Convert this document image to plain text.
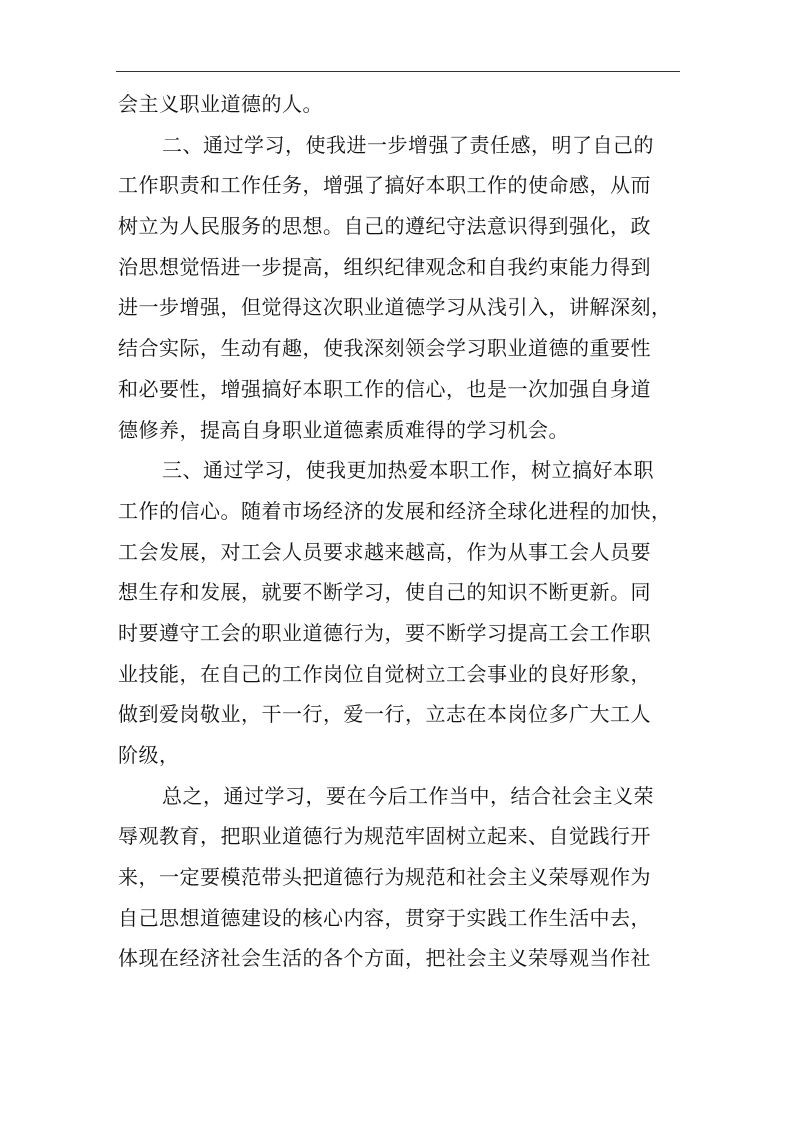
会主义职业道德的人。
二、通过学习，使我进一步增强了责任感，明了自己的
工作职责和工作任务，增强了搞好本职工作的使命感，从而
树立为人民服务的思想。自己的遵纪守法意识得到强化，政
治思想觉悟进一步提高，组织纪律观念和自我约束能力得到
进一步增强，但觉得这次职业道德学习从浅引入，讲解深刻，
结合实际，生动有趣，使我深刻领会学习职业道德的重要性
和必要性，增强搞好本职工作的信心，也是一次加强自身道
德修养，提高自身职业道德素质难得的学习机会。
三、通过学习，使我更加热爱本职工作，树立搞好本职
工作的信心。随着市场经济的发展和经济全球化进程的加快，
工会发展，对工会人员要求越来越高，作为从事工会人员要
想生存和发展，就要不断学习，使自己的知识不断更新。同
时要遵守工会的职业道德行为，要不断学习提高工会工作职
业技能，在自己的工作岗位自觉树立工会事业的良好形象，
做到爱岗敬业，干一行，爱一行，立志在本岗位多广大工人
阶级，
总之，通过学习，要在今后工作当中，结合社会主义荣
辱观教育，把职业道德行为规范牢固树立起来、自觉践行开
来，一定要模范带头把道德行为规范和社会主义荣辱观作为
自己思想道德建设的核心内容，贯穿于实践工作生活中去，
体现在经济社会生活的各个方面，把社会主义荣辱观当作社
